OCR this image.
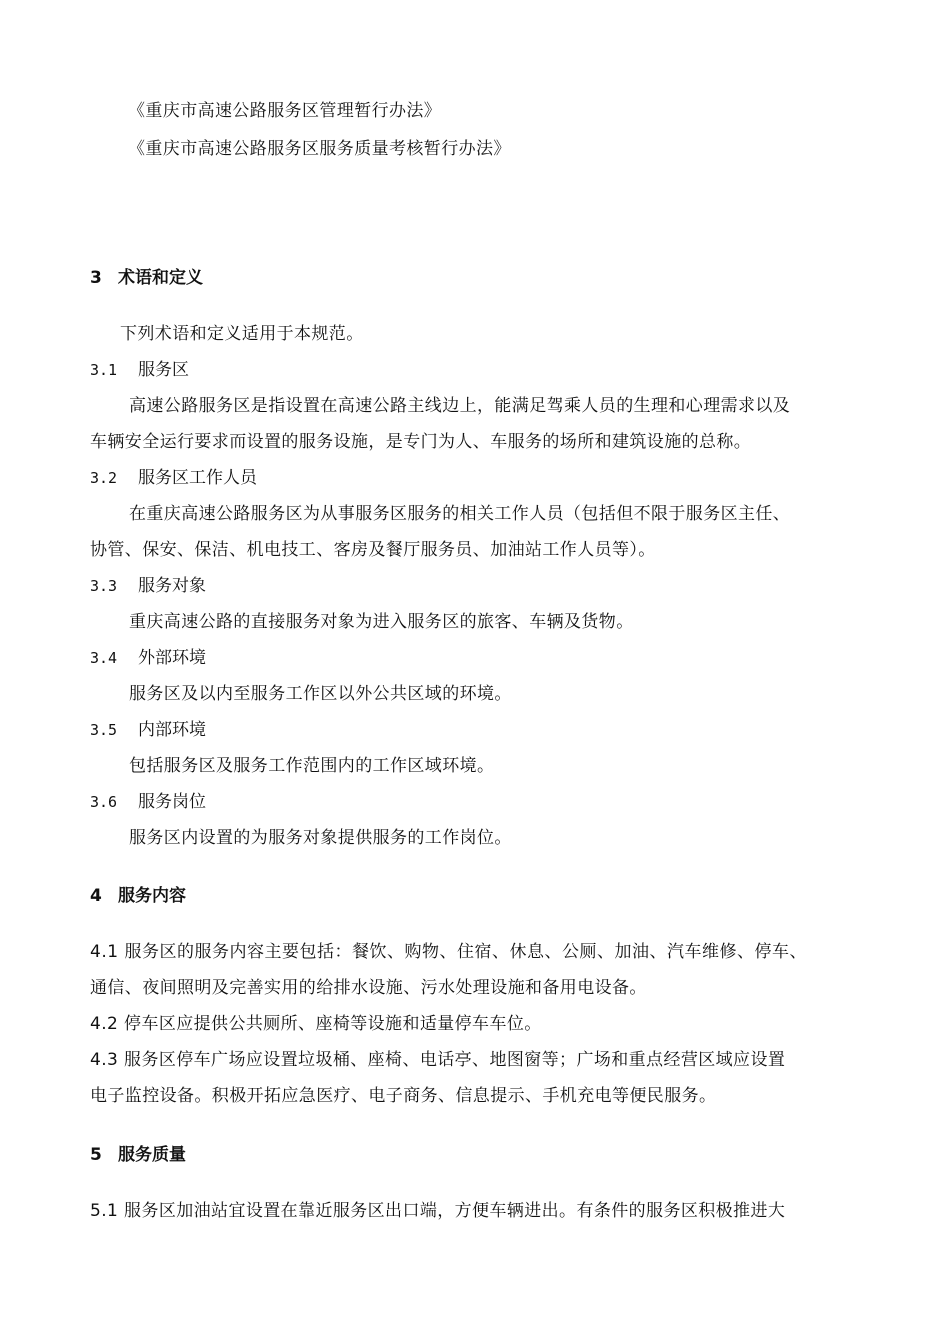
《重庆市高速公路服务区管理暂行办法》
《重庆市高速公路服务区服务质量考核暂行办法》
3 术语和定义
下列术语和定义适用于本规范。
3.1 服务区
高速公路服务区是指设置在高速公路主线边上，能满足驾乘人员的生理和心理需求以及
车辆安全运行要求而设置的服务设施，是专门为人、车服务的场所和建筑设施的总称。
3.2 服务区工作人员
在重庆高速公路服务区为从事服务区服务的相关工作人员（包括但不限于服务区主任、
协管、保安、保洁、机电技工、客房及餐厅服务员、加油站工作人员等）。
3.3 服务对象
重庆高速公路的直接服务对象为进入服务区的旅客、车辆及货物。
3.4 外部环境
服务区及以内至服务工作区以外公共区域的环境。
3.5 内部环境
包括服务区及服务工作范围内的工作区域环境。
3.6 服务岗位
服务区内设置的为服务对象提供服务的工作岗位。
4 服务内容
4.1 服务区的服务内容主要包括：餐饮、购物、住宿、休息、公厕、加油、汽车维修、停车、
通信、夜间照明及完善实用的给排水设施、污水处理设施和备用电设备。
4.2 停车区应提供公共厕所、座椅等设施和适量停车车位。
4.3 服务区停车广场应设置垃圾桶、座椅、电话亭、地图窗等；广场和重点经营区域应设置
电子监控设备。积极开拓应急医疗、电子商务、信息提示、手机充电等便民服务。
5 服务质量
5.1 服务区加油站宜设置在靠近服务区出口端，方便车辆进出。有条件的服务区积极推进大
